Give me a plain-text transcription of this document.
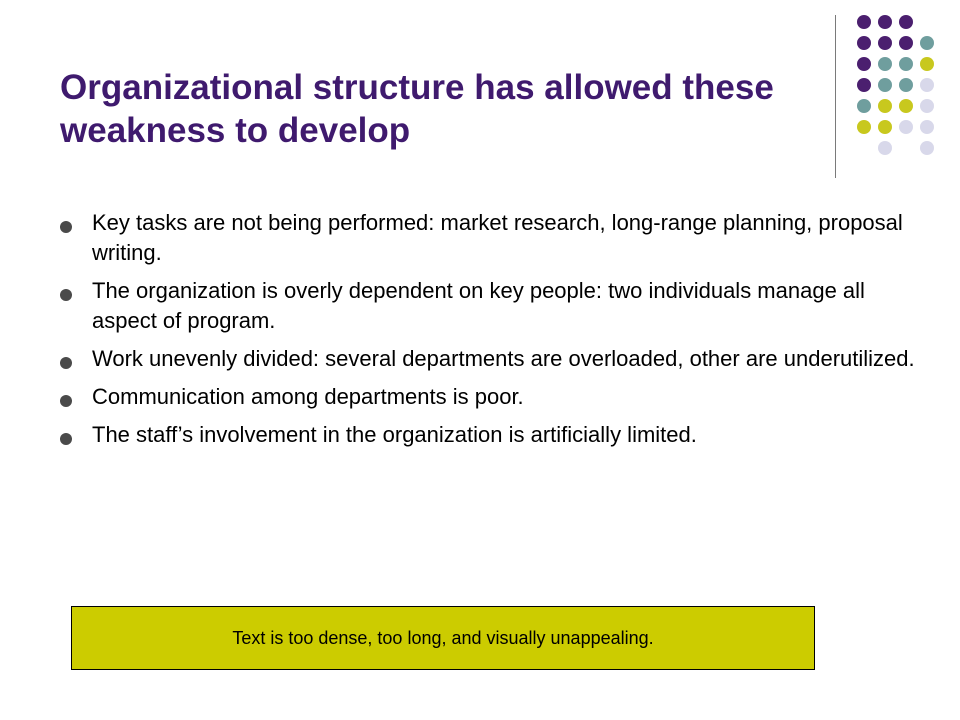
Organizational structure has allowed these weakness to develop
Key tasks are not being performed: market research, long-range planning, proposal writing.
The organization is overly dependent on key people: two individuals manage all aspect of program.
Work unevenly divided: several departments are overloaded, other are underutilized.
Communication among departments is poor.
The staff’s involvement in the organization is artificially limited.
Text is too dense, too long, and visually unappealing.
